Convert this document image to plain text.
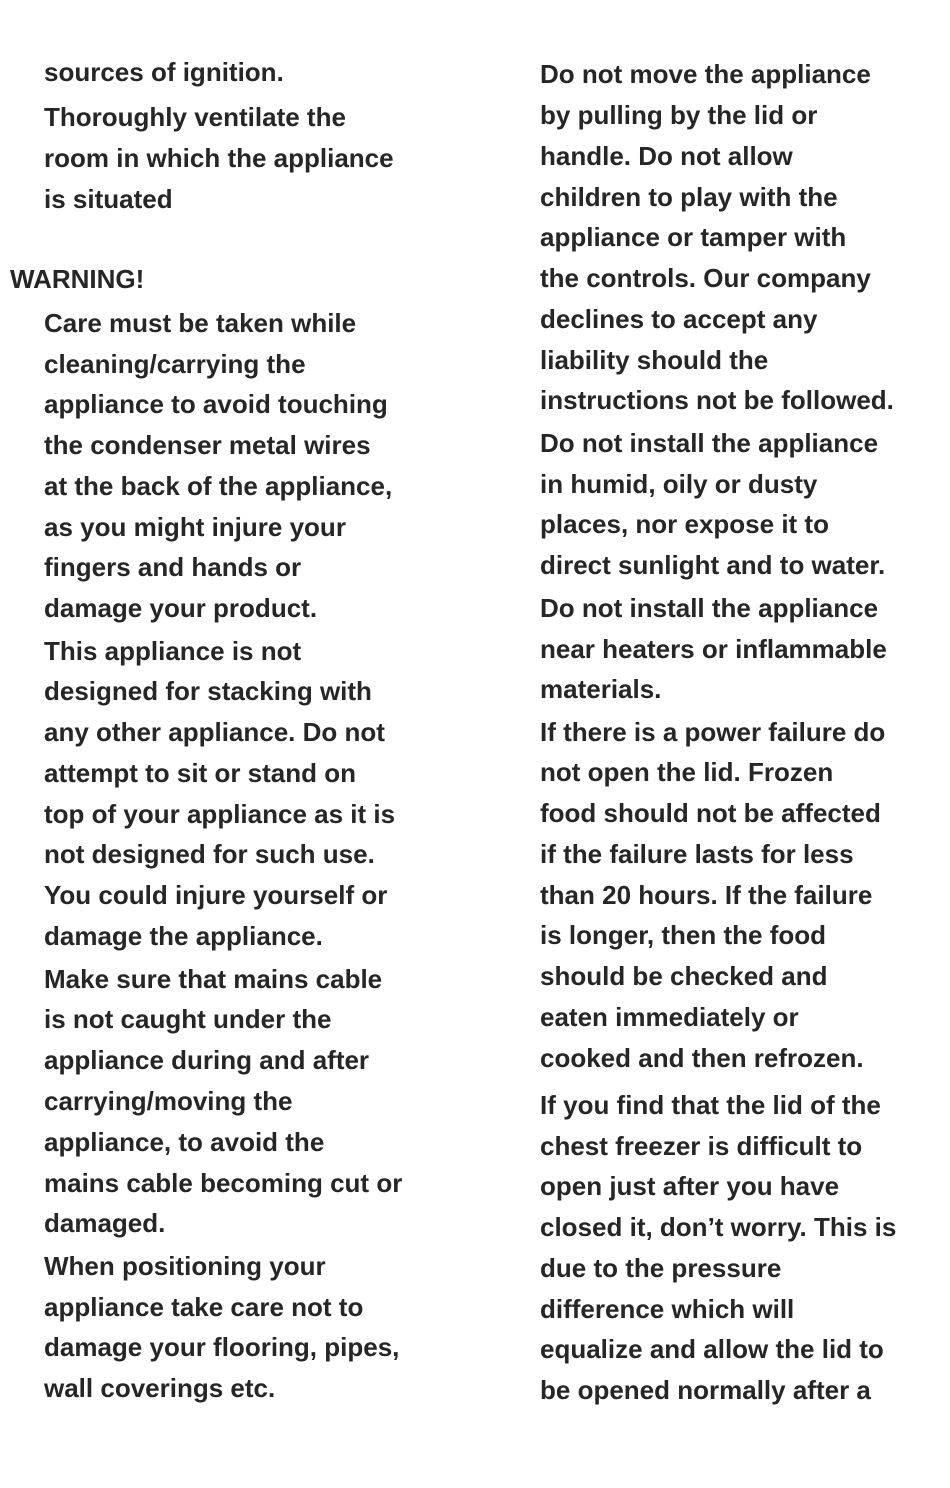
sources of ignition.
Thoroughly ventilate the
room in which the appliance
is situated
WARNING!
Care must be taken while
cleaning/carrying the
appliance to avoid touching
the condenser metal wires
at the back of the appliance,
as you might injure your
fingers and hands or
damage your product.
This appliance is not
designed for stacking with
any other appliance. Do not
attempt to sit or stand on
top of your appliance as it is
not designed for such use.
You could injure yourself or
damage the appliance.
Make sure that mains cable
is not caught under the
appliance during and after
carrying/moving the
appliance, to avoid the
mains cable becoming cut or
damaged.
When positioning your
appliance take care not to
damage your flooring, pipes,
wall coverings etc.
Do not move the appliance
by pulling by the lid or
handle. Do not allow
children to play with the
appliance or tamper with
the controls. Our company
declines to accept any
liability should the
instructions not be followed.
Do not install the appliance
in humid, oily or dusty
places, nor expose it to
direct sunlight and to water.
Do not install the appliance
near heaters or inflammable
materials.
If there is a power failure do
not open the lid. Frozen
food should not be affected
if the failure lasts for less
than 20 hours. If the failure
is longer, then the food
should be checked and
eaten immediately or
cooked and then refrozen.
If you find that the lid of the
chest freezer is difficult to
open just after you have
closed it, don’t worry. This is
due to the pressure
difference which will
equalize and allow the lid to
be opened normally after a
